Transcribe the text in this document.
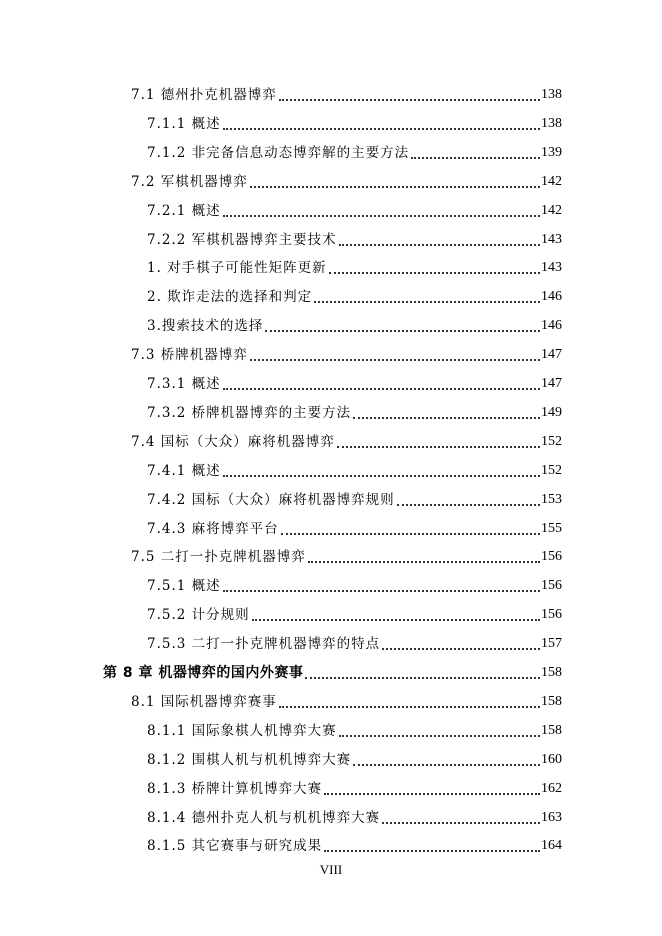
7.1 德州扑克机器博弈	138
7.1.1 概述	138
7.1.2 非完备信息动态博弈解的主要方法	139
7.2 军棋机器博弈	142
7.2.1 概述	142
7.2.2 军棋机器博弈主要技术	143
1. 对手棋子可能性矩阵更新	143
2. 欺诈走法的选择和判定	146
3.搜索技术的选择	146
7.3 桥牌机器博弈	147
7.3.1 概述	147
7.3.2 桥牌机器博弈的主要方法	149
7.4 国标（大众）麻将机器博弈	152
7.4.1 概述	152
7.4.2 国标（大众）麻将机器博弈规则	153
7.4.3 麻将博弈平台	155
7.5 二打一扑克牌机器博弈	156
7.5.1 概述	156
7.5.2 计分规则	156
7.5.3 二打一扑克牌机器博弈的特点	157
第 8 章 机器博弈的国内外赛事	158
8.1 国际机器博弈赛事	158
8.1.1 国际象棋人机博弈大赛	158
8.1.2 围棋人机与机机博弈大赛	160
8.1.3 桥牌计算机博弈大赛	162
8.1.4 德州扑克人机与机机博弈大赛	163
8.1.5 其它赛事与研究成果	164
VIII
